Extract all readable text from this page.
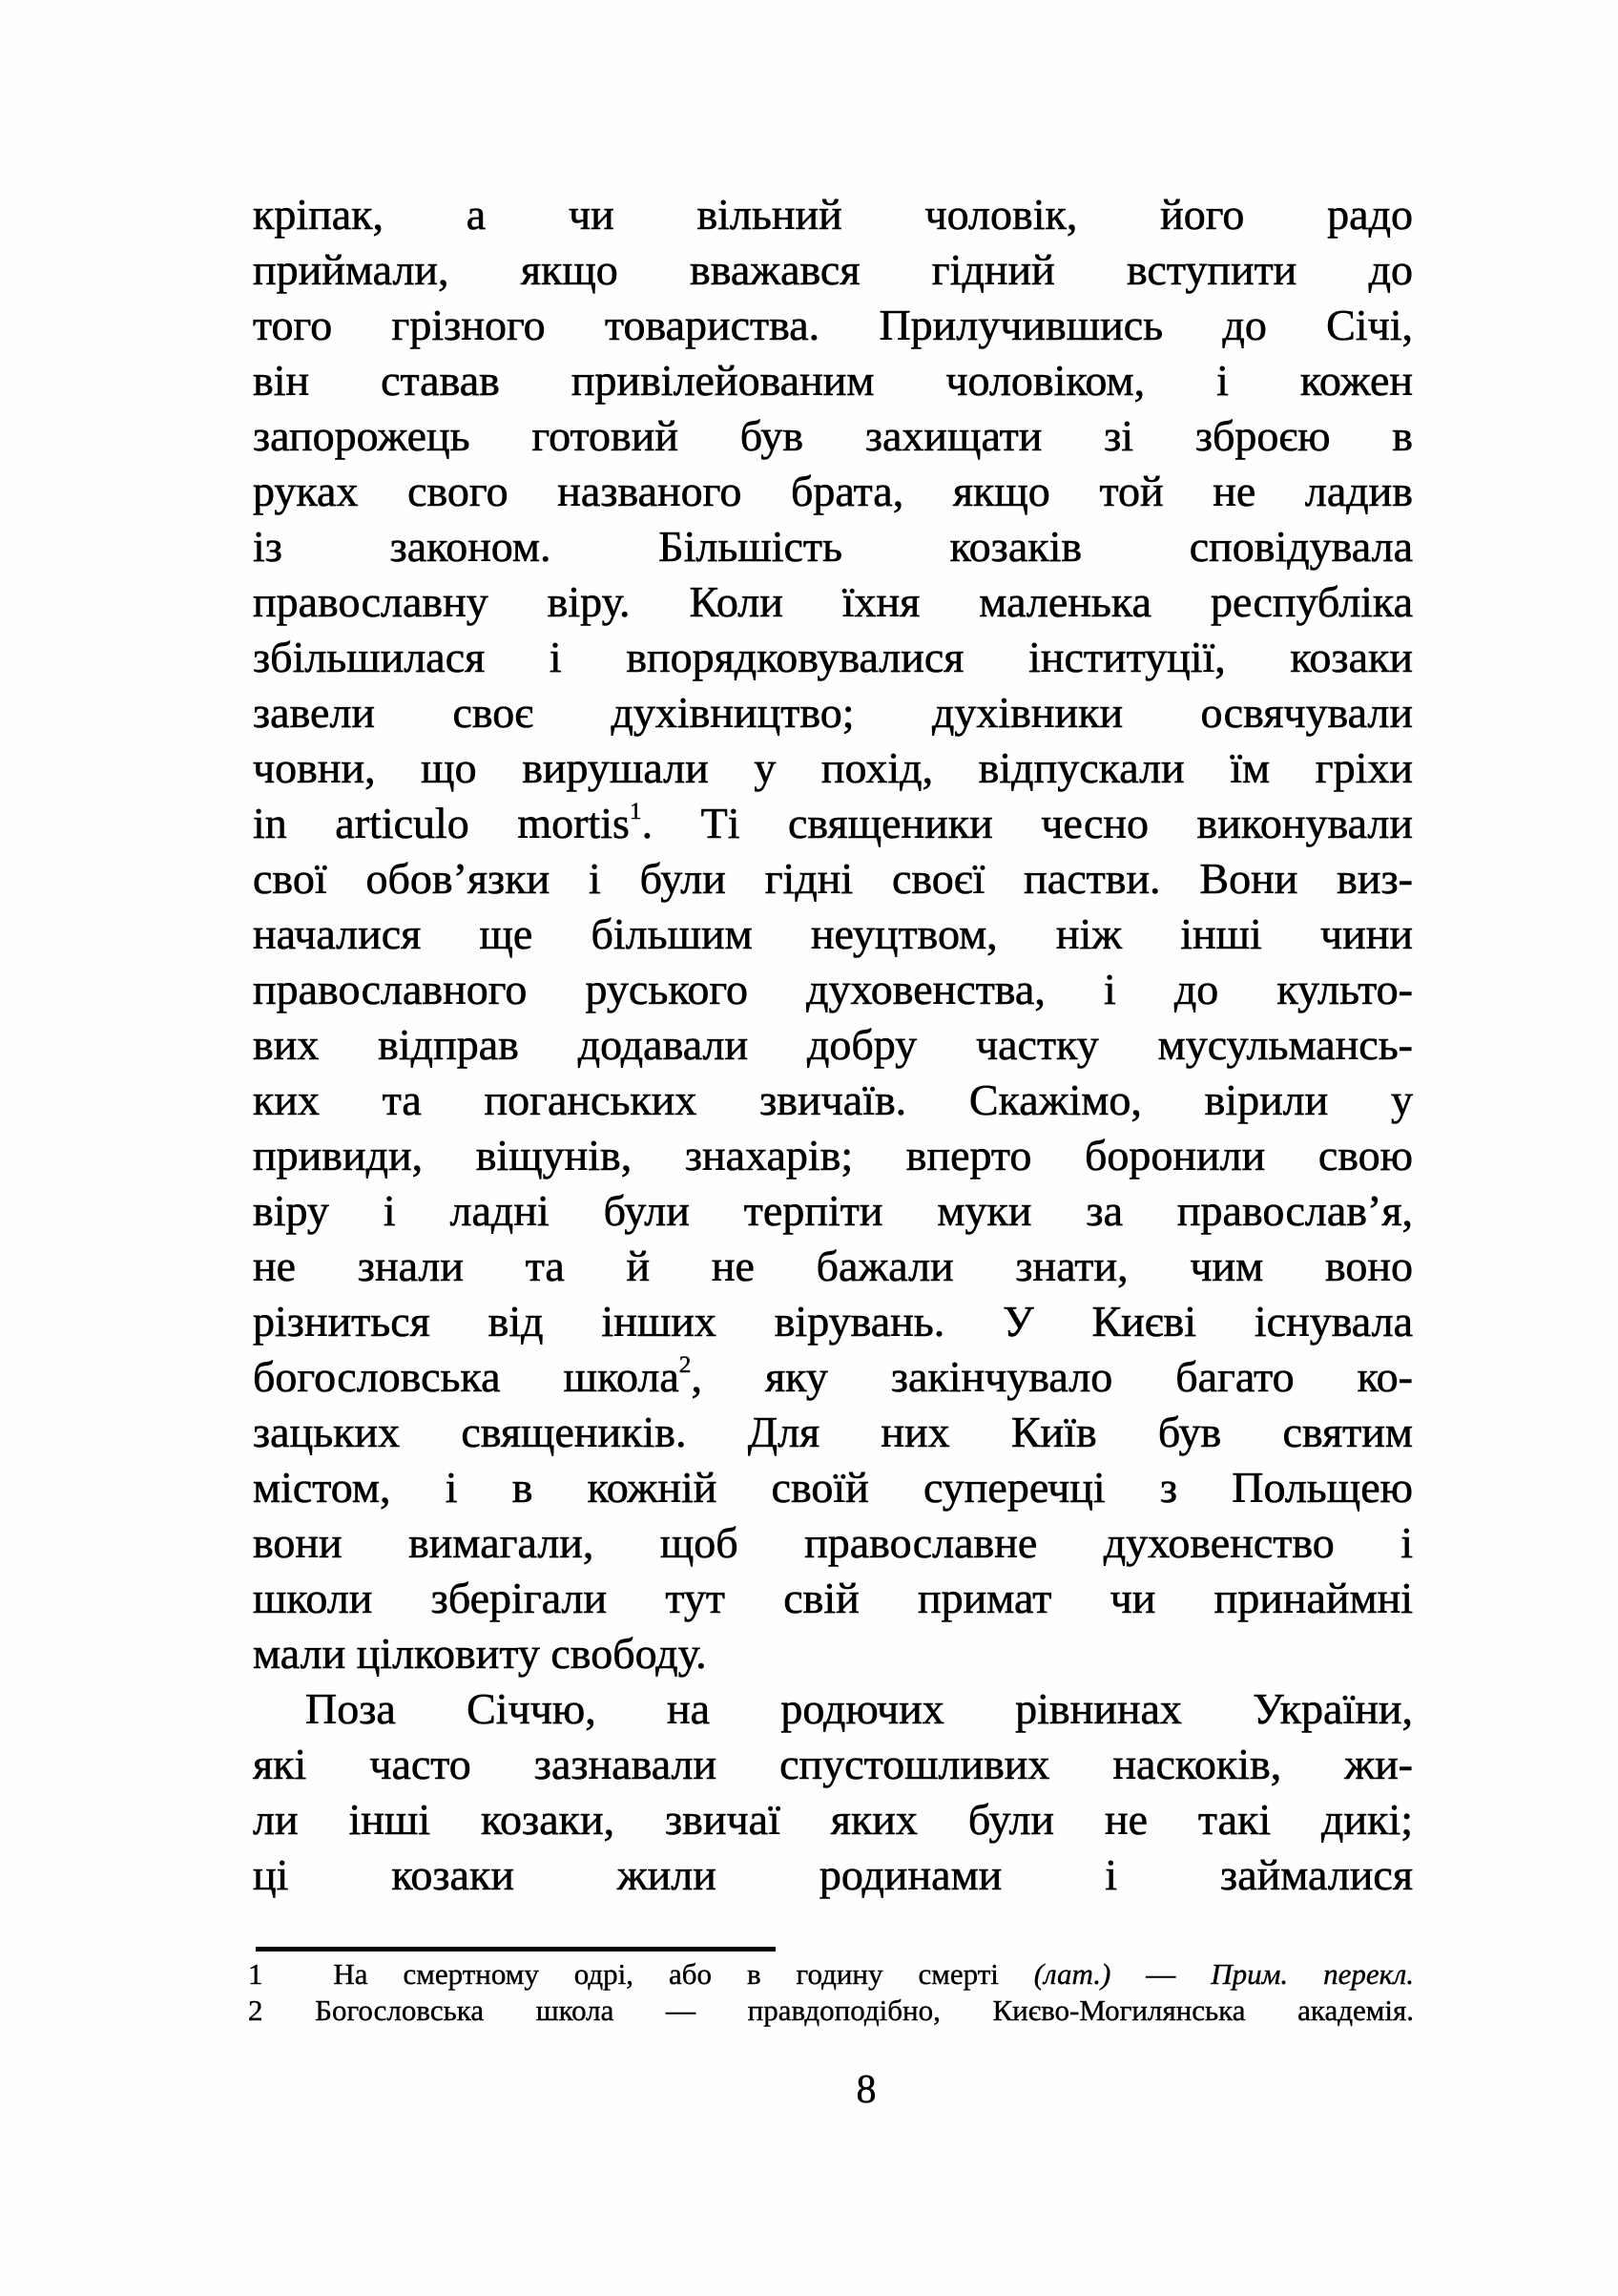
кріпак, а чи вільний чоловік, його радо
приймали, якщо вважався гідний вступити до
того грізного товариства. Прилучившись до Січі,
він ставав привілейованим чоловіком, і кожен
запорожець готовий був захищати зі зброєю в
руках свого названого брата, якщо той не ладив
із законом. Більшість козаків сповідувала
православну віру. Коли їхня маленька республіка
збільшилася і впорядковувалися інституції, козаки
завели своє духівництво; духівники освячували
човни, що вирушали у похід, відпускали їм гріхи
in articulo mortis$^1$. Ті священики чесно виконували
свої обов’язки і були гідні своєї пастви. Вони виз-
началися ще більшим неуцтвом, ніж інші чини
православного руського духовенства, і до культо-
вих відправ додавали добру частку мусульмансь-
ких та поганських звичаїв. Скажімо, вірили у
привиди, віщунів, знахарів; вперто боронили свою
віру і ладні були терпіти муки за православ’я,
не знали та й не бажали знати, чим воно
різниться від інших вірувань. У Києві існувала
богословська школа$^2$, яку закінчувало багато ко-
зацьких священиків. Для них Київ був святим
містом, і в кожній своїй суперечці з Польщею
вони вимагали, щоб православне духовенство і
школи зберігали тут свій примат чи принаймні
мали цілковиту свободу.
Поза Січчю, на родючих рівнинах України,
які часто зазнавали спустошливих наскоків, жи-
ли інші козаки, звичаї яких були не такі дикі;
ці козаки жили родинами і займалися
1  На смертному одрі, або в годину смерті (лат.) — Прим. перекл.
2 Богословська школа — правдоподібно, Києво-Могилянська академія.
8
